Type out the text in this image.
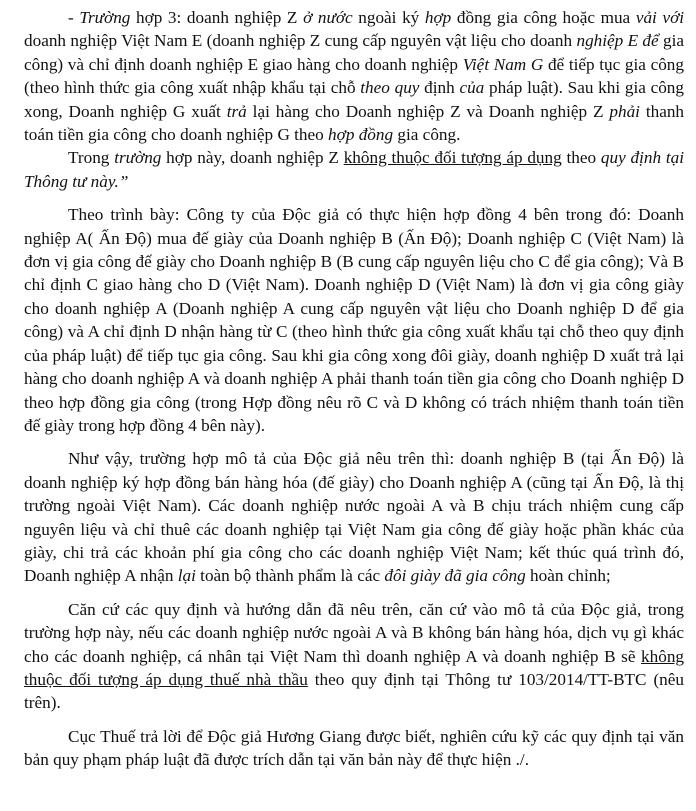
- Trường hợp 3: doanh nghiệp Z ở nước ngoài ký hợp đồng gia công hoặc mua vải với doanh nghiệp Việt Nam E (doanh nghiệp Z cung cấp nguyên vật liệu cho doanh nghiệp E để gia công) và chỉ định doanh nghiệp E giao hàng cho doanh nghiệp Việt Nam G để tiếp tục gia công (theo hình thức gia công xuất nhập khẩu tại chỗ theo quy định của pháp luật). Sau khi gia công xong, Doanh nghiệp G xuất trả lại hàng cho Doanh nghiệp Z và Doanh nghiệp Z phải thanh toán tiền gia công cho doanh nghiệp G theo hợp đồng gia công.

Trong trường hợp này, doanh nghiệp Z không thuộc đối tượng áp dụng theo quy định tại Thông tư này.”

Theo trình bày: Công ty của Độc giả có thực hiện hợp đồng 4 bên trong đó: Doanh nghiệp A( Ấn Độ) mua đế giày của Doanh nghiệp B (Ấn Độ); Doanh nghiệp C (Việt Nam) là đơn vị gia công đế giày cho Doanh nghiệp B (B cung cấp nguyên liệu cho C để gia công); Và B chỉ định C giao hàng cho D (Việt Nam). Doanh nghiệp D (Việt Nam) là đơn vị gia công giày cho doanh nghiệp A (Doanh nghiệp A cung cấp nguyên vật liệu cho Doanh nghiệp D để gia công) và A chỉ định D nhận hàng từ C (theo hình thức gia công xuất khẩu tại chỗ theo quy định của pháp luật) để tiếp tục gia công. Sau khi gia công xong đôi giày, doanh nghiệp D xuất trả lại hàng cho doanh nghiệp A và doanh nghiệp A phải thanh toán tiền gia công cho Doanh nghiệp D theo hợp đồng gia công (trong Hợp đồng nêu rõ C và D không có trách nhiệm thanh toán tiền đế giày trong hợp đồng 4 bên này).

Như vậy, trường hợp mô tả của Độc giả nêu trên thì: doanh nghiệp B (tại Ấn Độ) là doanh nghiệp ký hợp đồng bán hàng hóa (đế giày) cho Doanh nghiệp A (cũng tại Ấn Độ, là thị trường ngoài Việt Nam). Các doanh nghiệp nước ngoài A và B chịu trách nhiệm cung cấp nguyên liệu và chỉ thuê các doanh nghiệp tại Việt Nam gia công đế giày hoặc phần khác của giày, chi trả các khoản phí gia công cho các doanh nghiệp Việt Nam; kết thúc quá trình đó, Doanh nghiệp A nhận lại toàn bộ thành phẩm là các đôi giày đã gia công hoàn chỉnh;

Căn cứ các quy định và hướng dẫn đã nêu trên, căn cứ vào mô tả của Độc giả, trong trường hợp này, nếu các doanh nghiệp nước ngoài A và B không bán hàng hóa, dịch vụ gì khác cho các doanh nghiệp, cá nhân tại Việt Nam thì doanh nghiệp A và doanh nghiệp B sẽ không thuộc đối tượng áp dụng thuế nhà thầu theo quy định tại Thông tư 103/2014/TT-BTC (nêu trên).

Cục Thuế trả lời để Độc giả Hương Giang được biết, nghiên cứu kỹ các quy định tại văn bản quy phạm pháp luật đã được trích dẫn tại văn bản này để thực hiện ./.
